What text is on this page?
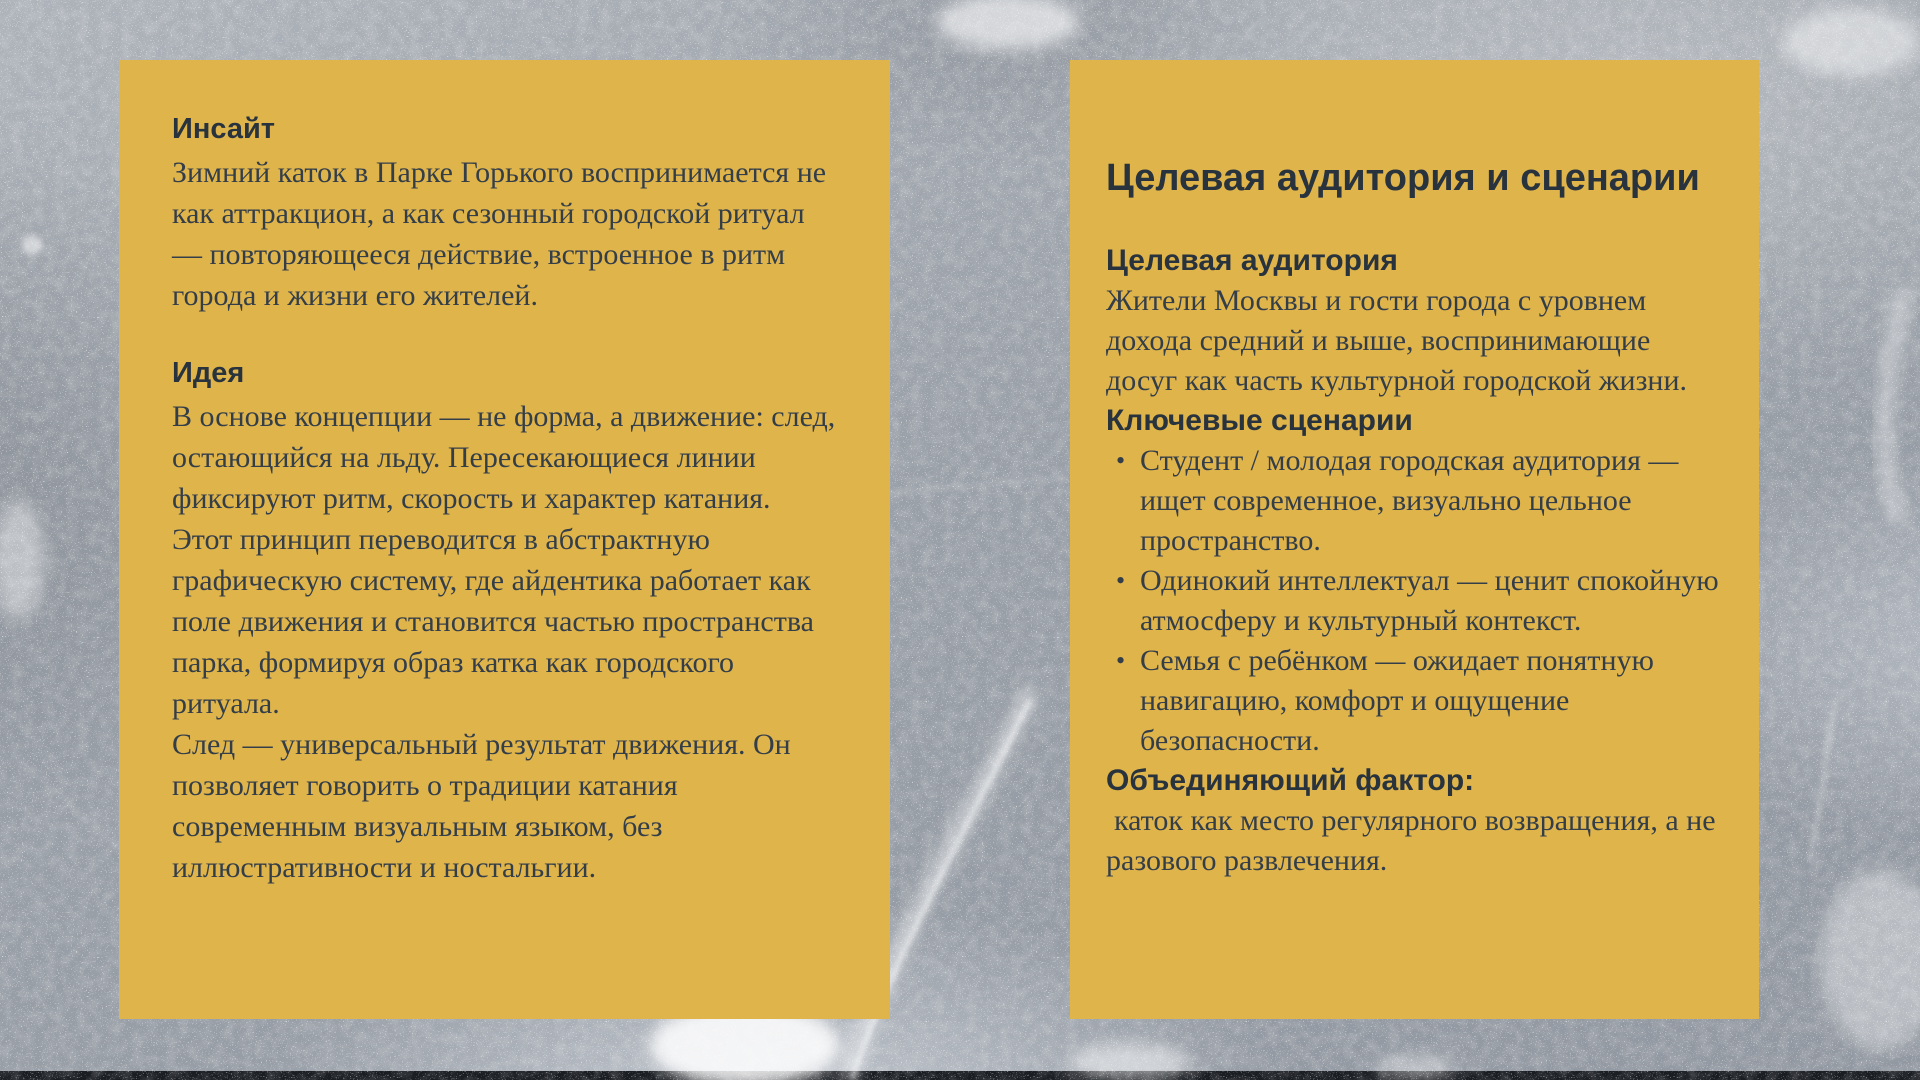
Инсайт

Зимний каток в Парке Горького воспринимается не как аттракцион, а как сезонный городской ритуал — повторяющееся действие, встроенное в ритм города и жизни его жителей.

Идея

В основе концепции — не форма, а движение: след, остающийся на льду. Пересекающиеся линии фиксируют ритм, скорость и характер катания.

Этот принцип переводится в абстрактную графическую систему, где айдентика работает как поле движения и становится частью пространства парка, формируя образ катка как городского ритуала.

След — универсальный результат движения. Он позволяет говорить о традиции катания современным визуальным языком, без иллюстративности и ностальгии.

Целевая аудитория и сценарии
Целевая аудитория

Жители Москвы и гости города с уровнем дохода средний и выше, воспринимающие досуг как часть культурной городской жизни.

Ключевые сценарии
• Студент / молодая городская аудитория — ищет современное, визуально цельное пространство.
• Одинокий интеллектуал — ценит спокойную атмосферу и культурный контекст.
• Семья с ребёнком — ожидает понятную навигацию, комфорт и ощущение безопасности.
Объединяющий фактор:

каток как место регулярного возвращения, а не разового развлечения.
